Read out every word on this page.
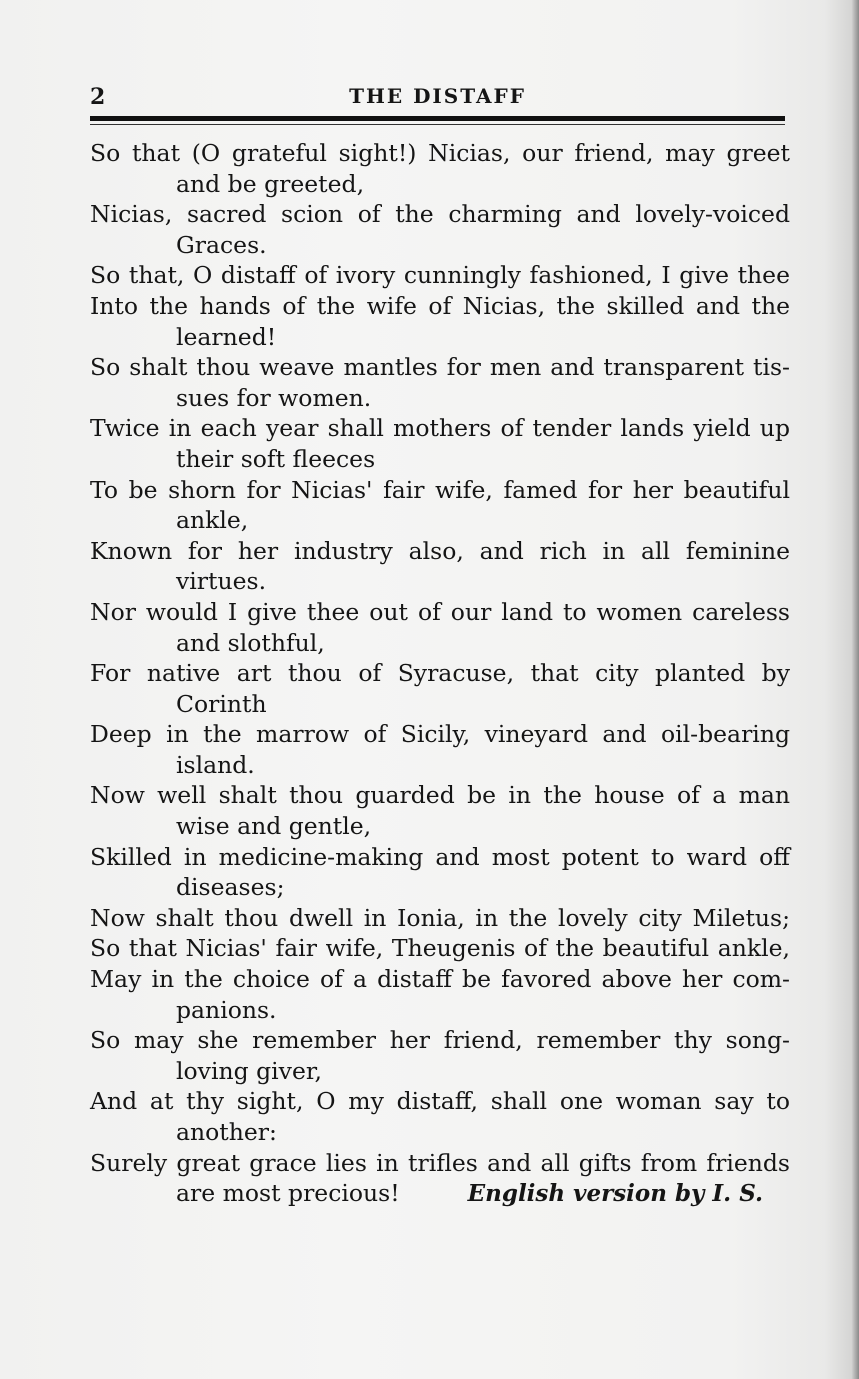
2	THE DISTAFF
So that (O grateful sight!) Nicias, our friend, may greet
and be greeted,
Nicias, sacred scion of the charming and lovely-voiced
Graces.
So that, O distaff of ivory cunningly fashioned, I give thee
Into the hands of the wife of Nicias, the skilled and the
learned!
So shalt thou weave mantles for men and transparent tis-
sues for women.
Twice in each year shall mothers of tender lands yield up
their soft fleeces
To be shorn for Nicias' fair wife, famed for her beautiful
ankle,
Known for her industry also, and rich in all feminine
virtues.
Nor would I give thee out of our land to women careless
and slothful,
For native art thou of Syracuse, that city planted by
Corinth
Deep in the marrow of Sicily, vineyard and oil-bearing
island.
Now well shalt thou guarded be in the house of a man
wise and gentle,
Skilled in medicine-making and most potent to ward off
diseases;
Now shalt thou dwell in Ionia, in the lovely city Miletus;
So that Nicias' fair wife, Theugenis of the beautiful ankle,
May in the choice of a distaff be favored above her com-
panions.
So may she remember her friend, remember thy song-
loving giver,
And at thy sight, O my distaff, shall one woman say to
another:
Surely great grace lies in trifles and all gifts from friends
are most precious!	English version by I. S.
